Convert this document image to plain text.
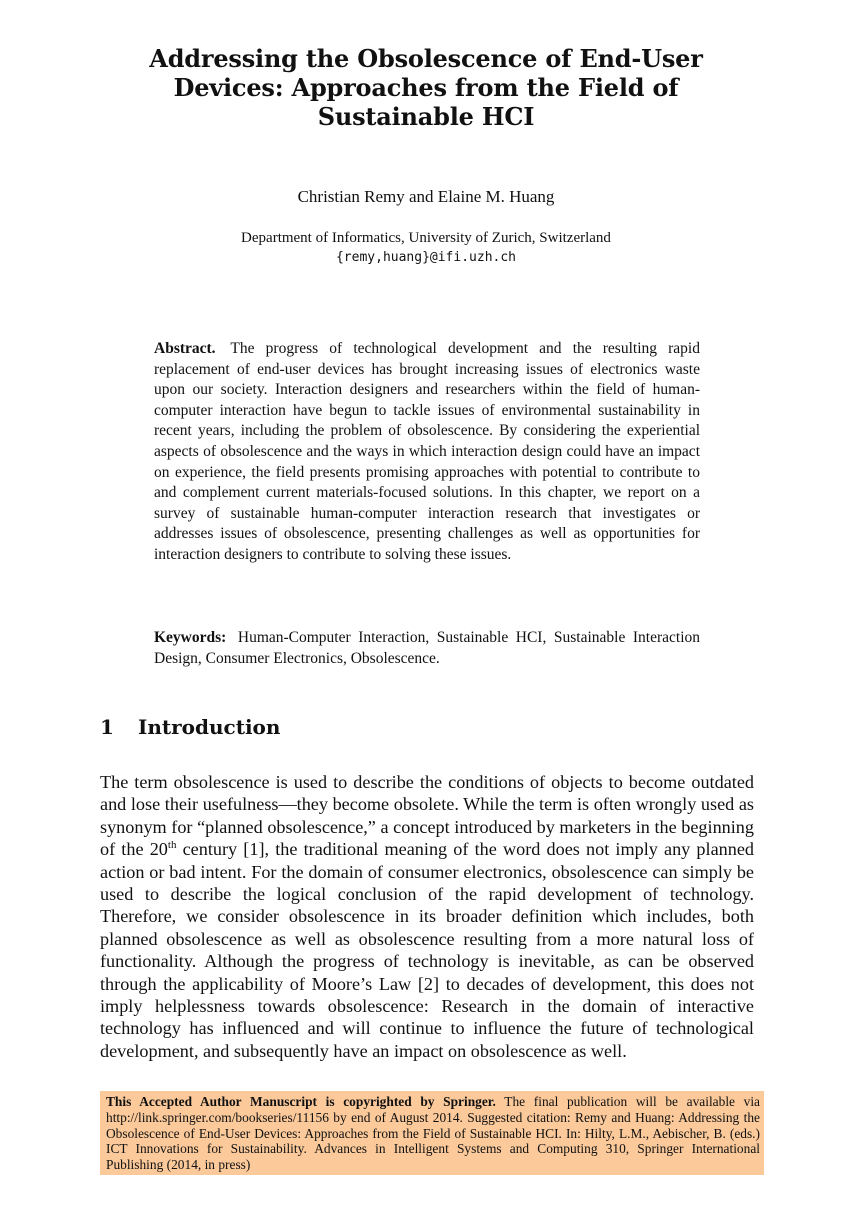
Addressing the Obsolescence of End-User Devices: Approaches from the Field of Sustainable HCI
Christian Remy and Elaine M. Huang
Department of Informatics, University of Zurich, Switzerland
{remy,huang}@ifi.uzh.ch
Abstract. The progress of technological development and the resulting rapid replacement of end-user devices has brought increasing issues of electronics waste upon our society. Interaction designers and researchers within the field of human-computer interaction have begun to tackle issues of environmental sustainability in recent years, including the problem of obsolescence. By considering the experiential aspects of obsolescence and the ways in which interaction design could have an impact on experience, the field presents promising approaches with potential to contribute to and complement current materials-focused solutions. In this chapter, we report on a survey of sustainable human-computer interaction research that investigates or addresses issues of obsolescence, presenting challenges as well as opportunities for interaction designers to contribute to solving these issues.
Keywords: Human-Computer Interaction, Sustainable HCI, Sustainable Interaction Design, Consumer Electronics, Obsolescence.
1 Introduction
The term obsolescence is used to describe the conditions of objects to become outdated and lose their usefulness—they become obsolete. While the term is often wrongly used as synonym for “planned obsolescence,” a concept introduced by marketers in the beginning of the 20th century [1], the traditional meaning of the word does not imply any planned action or bad intent. For the domain of consumer electronics, obsolescence can simply be used to describe the logical conclusion of the rapid development of technology. Therefore, we consider obsolescence in its broader definition which includes, both planned obsolescence as well as obsolescence resulting from a more natural loss of functionality. Although the progress of technology is inevitable, as can be observed through the applicability of Moore’s Law [2] to decades of development, this does not imply helplessness towards obsolescence: Research in the domain of interactive technology has influenced and will continue to influence the future of technological development, and subsequently have an impact on obsolescence as well.
This Accepted Author Manuscript is copyrighted by Springer. The final publication will be available via http://link.springer.com/bookseries/11156 by end of August 2014. Suggested citation: Remy and Huang: Addressing the Obsolescence of End-User Devices: Approaches from the Field of Sustainable HCI. In: Hilty, L.M., Aebischer, B. (eds.) ICT Innovations for Sustainability. Advances in Intelligent Systems and Computing 310, Springer International Publishing (2014, in press)
